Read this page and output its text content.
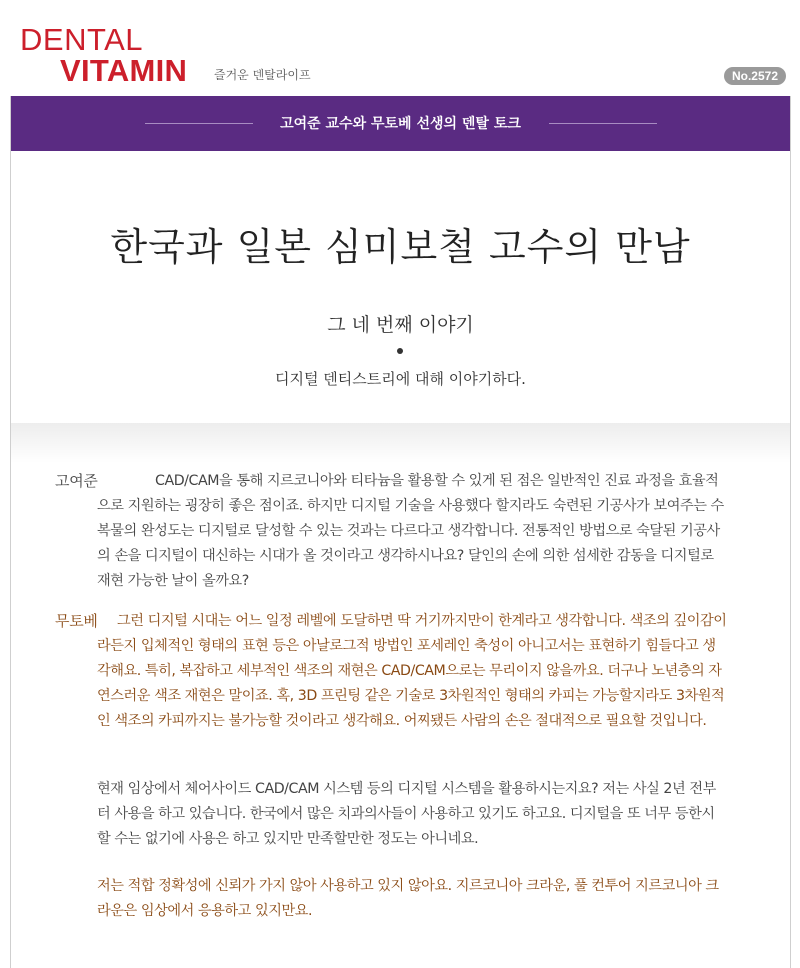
DENTAL
VITAMIN 즐거운 덴탈라이프	No.2572
고여준 교수와 무토베 선생의 덴탈 토크
한국과 일본 심미보철 고수의 만남
그 네 번째 이야기
디지털 덴티스트리에 대해 이야기하다.
고여준	CAD/CAM을 통해 지르코니아와 티타늄을 활용할 수 있게 된 점은 일반적인 진료 과정을 효율적으로 지원하는 굉장히 좋은 점이죠. 하지만 디지털 기술을 사용했다 할지라도 숙련된 기공사가 보여주는 수복물의 완성도는 디지털로 달성할 수 있는 것과는 다르다고 생각합니다. 전통적인 방법으로 숙달된 기공사의 손을 디지털이 대신하는 시대가 올 것이라고 생각하시나요? 달인의 손에 의한 섬세한 감동을 디지털로 재현 가능한 날이 올까요?
무토베	그런 디지털 시대는 어느 일정 레벨에 도달하면 딱 거기까지만이 한계라고 생각합니다. 색조의 깊이감이라든지 입체적인 형태의 표현 등은 아날로그적 방법인 포세레인 축성이 아니고서는 표현하기 힘들다고 생각해요. 특히, 복잡하고 세부적인 색조의 재현은 CAD/CAM으로는 무리이지 않을까요. 더구나 노년층의 자연스러운 색조 재현은 말이죠. 혹, 3D 프린팅 같은 기술로 3차원적인 형태의 카피는 가능할지라도 3차원적인 색조의 카피까지는 불가능할 것이라고 생각해요. 어찌됐든 사람의 손은 절대적으로 필요할 것입니다.
현재 임상에서 체어사이드 CAD/CAM 시스템 등의 디지털 시스템을 활용하시는지요? 저는 사실 2년 전부터 사용을 하고 있습니다. 한국에서 많은 치과의사들이 사용하고 있기도 하고요. 디지털을 또 너무 등한시할 수는 없기에 사용은 하고 있지만 만족할만한 정도는 아니네요.
저는 적합 정확성에 신뢰가 가지 않아 사용하고 있지 않아요. 지르코니아 크라운, 풀 컨투어 지르코니아 크라운은 임상에서 응용하고 있지만요.
